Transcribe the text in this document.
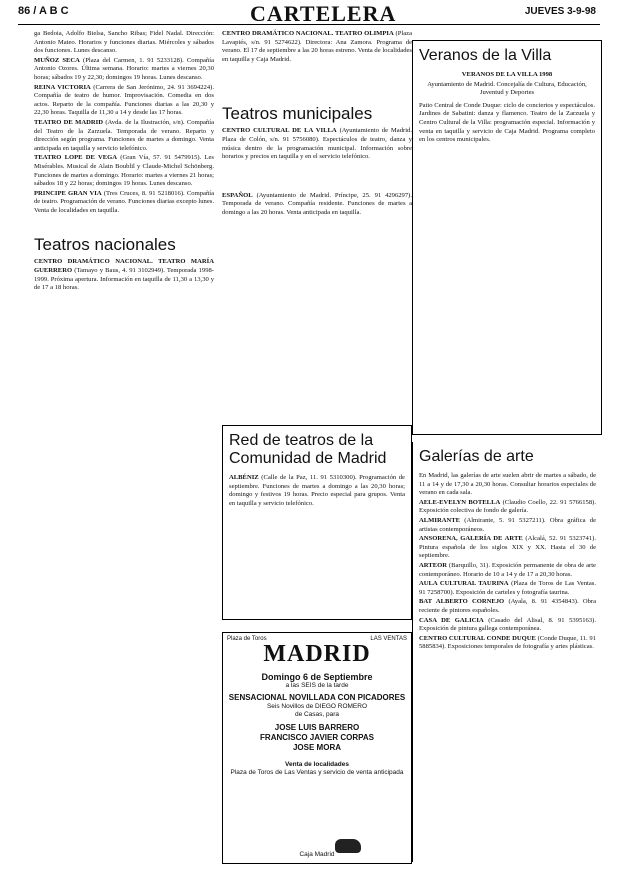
86 / A B C	CARTELERA	JUEVES 3-9-98

ga Bedoia, Adolfo Bielsa, Sancho Ribas; Fidel Nadal. Dirección: Antonio Mateo. Horarios y funciones diarias. Miércoles y sábados dos funciones. Lunes descanso.

MUÑOZ SECA (Plaza del Carmen, 1. 91 5233128). Compañía Antonio Ozores. Última semana. Horario: martes a viernes 20,30 horas; sábados 19 y 22,30; domingos 19 horas. Lunes descanso.

REINA VICTORIA (Carrera de San Jerónimo, 24. 91 3694224). Compañía de teatro de humor. Improvisación. Comedia en dos actos. Reparto de la compañía. Funciones diarias a las 20,30 y 22,30 horas. Taquilla de 11,30 a 14 y desde las 17 horas.

TEATRO DE MADRID (Avda. de la Ilustración, s/n). Compañía del Teatro de la Zarzuela. Temporada de verano. Reparto y dirección según programa. Funciones de martes a domingo. Venta anticipada en taquilla y servicio telefónico.

TEATRO LOPE DE VEGA (Gran Vía, 57. 91 5479915). Les Misérables. Musical de Alain Boublil y Claude-Michel Schönberg. Funciones de martes a domingo. Horario: martes a viernes 21 horas; sábados 18 y 22 horas; domingos 19 horas. Lunes descanso.

PRINCIPE GRAN VIA (Tres Cruces, 8. 91 5218016). Compañía de teatro. Programación de verano. Funciones diarias excepto lunes. Venta de localidades en taquilla.

Teatros nacionales

CENTRO DRAMÁTICO NACIONAL. TEATRO MARÍA GUERRERO (Tamayo y Baus, 4. 91 3102949). Temporada 1998-1999. Próxima apertura. Información en taquilla de 11,30 a 13,30 y de 17 a 18 horas.

CENTRO DRAMÁTICO NACIONAL. TEATRO OLIMPIA (Plaza Lavapiés, s/n. 91 5274622). Directora: Ana Zamora. Programa de verano. El 17 de septiembre a las 20 horas estreno. Venta de localidades en taquilla y Caja Madrid.

Teatros municipales

CENTRO CULTURAL DE LA VILLA (Ayuntamiento de Madrid. Plaza de Colón, s/n. 91 5756080). Espectáculos de teatro, danza y música dentro de la programación municipal. Información sobre horarios y precios en taquilla y en el servicio telefónico.

ESPAÑOL (Ayuntamiento de Madrid. Príncipe, 25. 91 4296297). Temporada de verano. Compañía residente. Funciones de martes a domingo a las 20 horas. Venta anticipada en taquilla.

Red de teatros de la Comunidad de Madrid

ALBÉNIZ (Calle de la Paz, 11. 91 5310300). Programación de septiembre. Funciones de martes a domingo a las 20,30 horas; domingo y festivos 19 horas. Precio especial para grupos. Venta en taquilla y servicio telefónico.

Plaza de Toros	LAS VENTAS
MADRID
Domingo 6 de Septiembre
a las SEIS de la tarde
SENSACIONAL NOVILLADA CON PICADORES
Seis Novillos de DIEGO ROMERO
de Casas, para
JOSE LUIS BARRERO
FRANCISCO JAVIER CORPAS
JOSE MORA
Venta de localidades
Plaza de Toros de Las Ventas y servicio de venta anticipada
Caja Madrid
Veranos de la Villa

VERANOS DE LA VILLA 1998

Ayuntamiento de Madrid. Concejalía de Cultura, Educación, Juventud y Deportes

Patio Central de Conde Duque: ciclo de conciertos y espectáculos. Jardines de Sabatini: danza y flamenco. Teatro de la Zarzuela y Centro Cultural de la Villa: programación especial. Información y venta en taquilla y servicio de Caja Madrid. Programa completo en los centros municipales.

Galerías de arte

En Madrid, las galerías de arte suelen abrir de martes a sábado, de 11 a 14 y de 17,30 a 20,30 horas. Consultar horarios especiales de verano en cada sala.

AELE-EVELYN BOTELLA (Claudio Coello, 22. 91 5766158). Exposición colectiva de fondo de galería.

ALMIRANTE (Almirante, 5. 91 5327211). Obra gráfica de artistas contemporáneos.

ANSORENA, GALERÍA DE ARTE (Alcalá, 52. 91 5323741). Pintura española de los siglos XIX y XX. Hasta el 30 de septiembre.

ARTEOR (Barquillo, 31). Exposición permanente de obra de arte contemporáneo. Horario de 10 a 14 y de 17 a 20,30 horas.

AULA CULTURAL TAURINA (Plaza de Toros de Las Ventas. 91 7258700). Exposición de carteles y fotografía taurina.

BAT ALBERTO CORNEJO (Ayala, 8. 91 4354843). Obra reciente de pintores españoles.

CASA DE GALICIA (Casado del Alisal, 8. 91 5395163). Exposición de pintura gallega contemporánea.

CENTRO CULTURAL CONDE DUQUE (Conde Duque, 11. 91 5885834). Exposiciones temporales de fotografía y artes plásticas.
